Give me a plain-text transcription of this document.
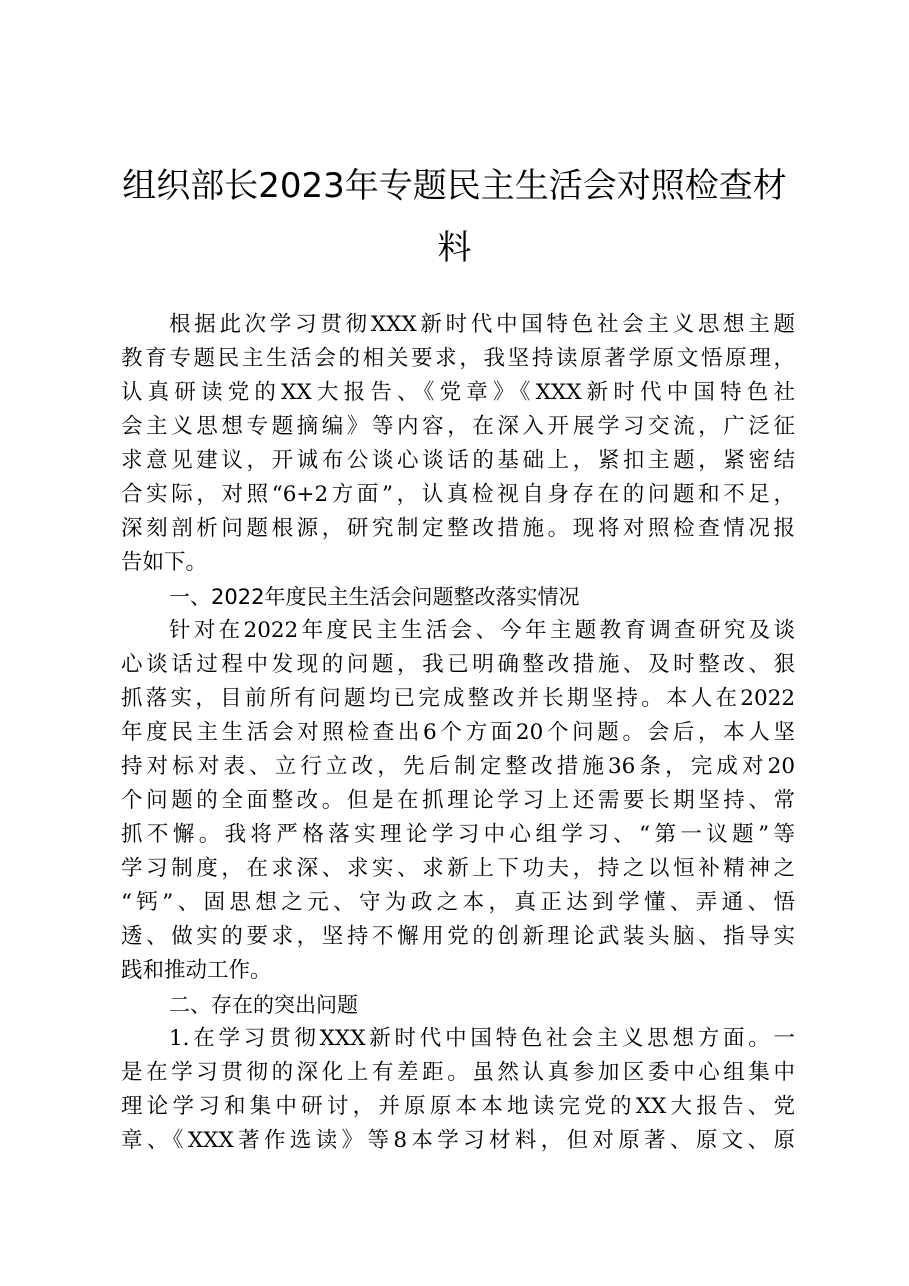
组织部长2023年专题民主生活会对照检查材
料
根据此次学习贯彻XXX新时代中国特色社会主义思想主题
教育专题民主生活会的相关要求，我坚持读原著学原文悟原理，
认真研读党的XX大报告、《党章》《XXX新时代中国特色社
会主义思想专题摘编》等内容，在深入开展学习交流，广泛征
求意见建议，开诚布公谈心谈话的基础上，紧扣主题，紧密结
合实际，对照“6+2方面”，认真检视自身存在的问题和不足，
深刻剖析问题根源，研究制定整改措施。现将对照检查情况报
告如下。
一、2022年度民主生活会问题整改落实情况
针对在2022年度民主生活会、今年主题教育调查研究及谈
心谈话过程中发现的问题，我已明确整改措施、及时整改、狠
抓落实，目前所有问题均已完成整改并长期坚持。本人在2022
年度民主生活会对照检查出6个方面20个问题。会后，本人坚
持对标对表、立行立改，先后制定整改措施36条，完成对20
个问题的全面整改。但是在抓理论学习上还需要长期坚持、常
抓不懈。我将严格落实理论学习中心组学习、“第一议题”等
学习制度，在求深、求实、求新上下功夫，持之以恒补精神之
“钙”、固思想之元、守为政之本，真正达到学懂、弄通、悟
透、做实的要求，坚持不懈用党的创新理论武装头脑、指导实
践和推动工作。
二、存在的突出问题
1.在学习贯彻XXX新时代中国特色社会主义思想方面。一
是在学习贯彻的深化上有差距。虽然认真参加区委中心组集中
理论学习和集中研讨，并原原本本地读完党的XX大报告、党
章、《XXX著作选读》等8本学习材料，但对原著、原文、原
